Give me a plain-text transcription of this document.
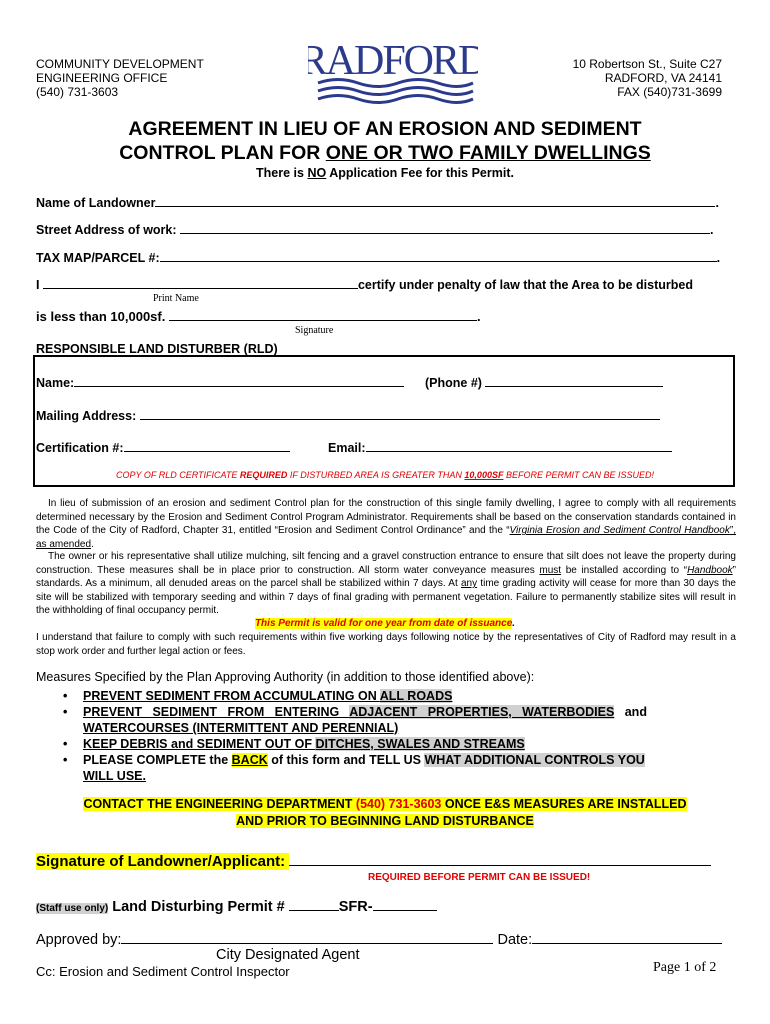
COMMUNITY DEVELOPMENT
ENGINEERING OFFICE
(540) 731-3603
RADFORD	10 Robertson St., Suite C27
RADFORD, VA 24141
FAX (540)731-3699
AGREEMENT IN LIEU OF AN EROSION AND SEDIMENT
CONTROL PLAN FOR ONE OR TWO FAMILY DWELLINGS
There is NO Application Fee for this Permit.
Name of Landowner	.
Street Address of work:	.
TAX MAP/PARCEL #:	.
I	certify under penalty of law that the Area to be disturbed
Print Name
is less than 10,000sf.	.
Signature
RESPONSIBLE LAND DISTURBER (RLD)
Name:	(Phone #)
Mailing Address:
Certification #:	Email:
COPY OF RLD CERTIFICATE REQUIRED IF DISTURBED AREA IS GREATER THAN 10,000SF BEFORE PERMIT CAN BE ISSUED!
In lieu of submission of an erosion and sediment Control plan for the construction of this single family dwelling, I agree to comply with all requirements determined necessary by the Erosion and Sediment Control Program Administrator. Requirements shall be based on the conservation standards contained in the Code of the City of Radford, Chapter 31, entitled “Erosion and Sediment Control Ordinance” and the “Virginia Erosion and Sediment Control Handbook”, as amended.
The owner or his representative shall utilize mulching, silt fencing and a gravel construction entrance to ensure that silt does not leave the property during construction. These measures shall be in place prior to construction. All storm water conveyance measures must be installed according to “Handbook” standards. As a minimum, all denuded areas on the parcel shall be stabilized within 7 days. At any time grading activity will cease for more than 30 days the site will be stabilized with temporary seeding and within 7 days of final grading with permanent vegetation. Failure to permanently stabilize sites will result in the withholding of final occupancy permit.
This Permit is valid for one year from date of issuance.
I understand that failure to comply with such requirements within five working days following notice by the representatives of City of Radford may result in a stop work order and further legal action or fees.
Measures Specified by the Plan Approving Authority (in addition to those identified above):
• PREVENT SEDIMENT FROM ACCUMULATING ON ALL ROADS
• PREVENT   SEDIMENT   FROM   ENTERING   ADJACENT   PROPERTIES,   WATERBODIES   and
WATERCOURSES (INTERMITTENT AND PERENNIAL)
• KEEP DEBRIS and SEDIMENT OUT OF DITCHES, SWALES AND STREAMS
• PLEASE COMPLETE the BACK of this form and TELL US WHAT ADDITIONAL CONTROLS YOU
WILL USE.
CONTACT THE ENGINEERING DEPARTMENT (540) 731-3603 ONCE E&S MEASURES ARE INSTALLED
AND PRIOR TO BEGINNING LAND DISTURBANCE
Signature of Landowner/Applicant:
REQUIRED BEFORE PERMIT CAN BE ISSUED!
(Staff use only) Land Disturbing Permit #	SFR-
Approved by:	Date:
City Designated Agent
Cc: Erosion and Sediment Control Inspector	Page 1 of 2
